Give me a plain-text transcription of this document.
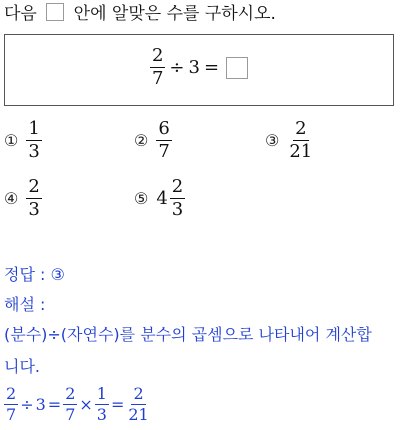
다음 안에 알맞은 수를 구하시오.
$\frac{2}{7} \div 3$ =
① $\frac{1}{3}$	② $\frac{6}{7}$	③ $\frac{2}{21}$
④ $\frac{2}{3}$	⑤ $4 \frac{2}{3}$
정답 : ③
해설 :
(분수)÷(자연수)를 분수의 곱셈으로 나타내어 계산합
니다.
$\frac{2}{7} \div 3 = \frac{2}{7} \times \frac{1}{3} = \frac{2}{21}$
